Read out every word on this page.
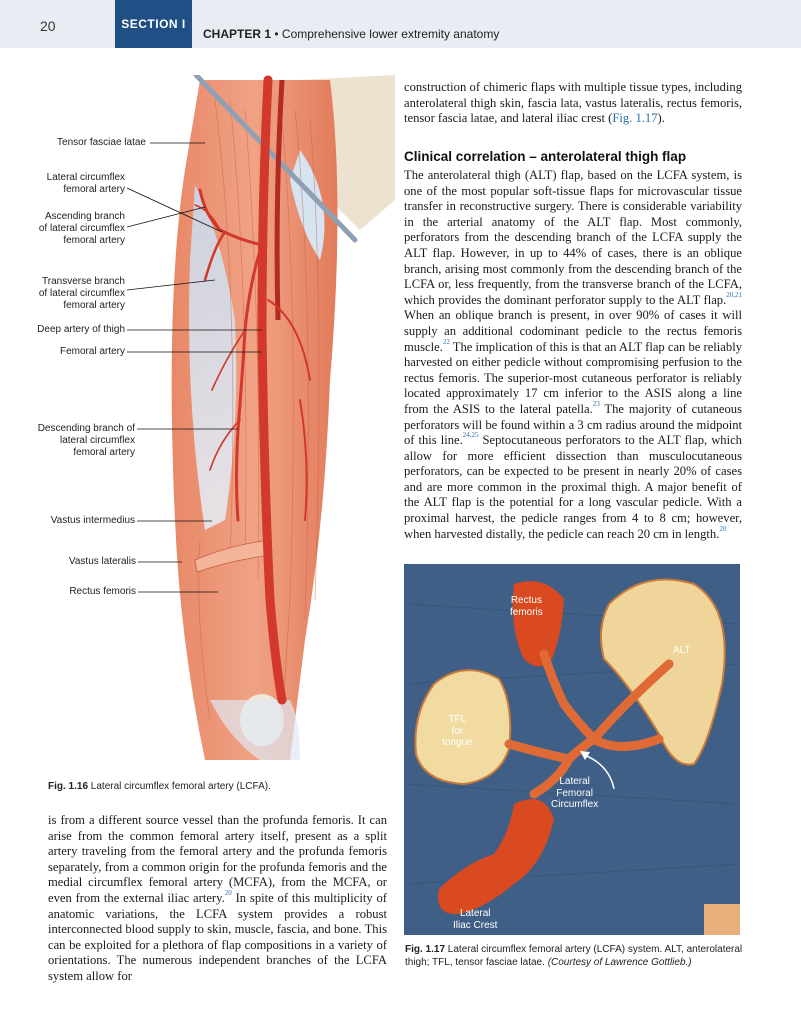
20	SECTION I
CHAPTER 1 • Comprehensive lower extremity anatomy
Tensor fasciae latae
Lateral circumflex
femoral artery
Ascending branch
of lateral circumflex
femoral artery
Transverse branch
of lateral circumflex
femoral artery
Deep artery of thigh
Femoral artery
Descending branch of
lateral circumflex
femoral artery
Vastus intermedius
Vastus lateralis
Rectus femoris
Fig. 1.16 Lateral circumflex femoral artery (LCFA).
construction of chimeric flaps with multiple tissue types, including anterolateral thigh skin, fascia lata, vastus lateralis, rectus femoris, tensor fascia latae, and lateral iliac crest (Fig. 1.17).
Clinical correlation – anterolateral thigh flap
The anterolateral thigh (ALT) flap, based on the LCFA system, is one of the most popular soft-tissue flaps for microvascular tissue transfer in reconstructive surgery. There is considerable variability in the arterial anatomy of the ALT flap. Most commonly, perforators from the descending branch of the LCFA supply the ALT flap. However, in up to 44% of cases, there is an oblique branch, arising most commonly from the descending branch of the LCFA or, less frequently, from the transverse branch of the LCFA, which provides the dominant perforator supply to the ALT flap.$^{20,21}$ When an oblique branch is present, in over 90% of cases it will supply an additional codominant pedicle to the rectus femoris muscle.$^{22}$ The implication of this is that an ALT flap can be reliably harvested on either pedicle without compromising perfusion to the rectus femoris. The superior-most cutaneous perforator is reliably located approximately 17 cm inferior to the ASIS along a line from the ASIS to the lateral patella.$^{23}$ The majority of cutaneous perforators will be found within a 3 cm radius around the midpoint of this line.$^{24,25}$ Septocutaneous perforators to the ALT flap, which allow for more efficient dissection than musculocutaneous perforators, can be expected to be present in nearly 20% of cases and are more common in the proximal thigh. A major benefit of the ALT flap is the potential for a long vascular pedicle. With a proximal harvest, the pedicle ranges from 4 to 8 cm; however, when harvested distally, the pedicle can reach 20 cm in length.$^{20}$
Rectus
femoris
ALT
TFL
for
tongue
Lateral
Femoral
Circumflex
Lateral
Iliac Crest
Fig. 1.17 Lateral circumflex femoral artery (LCFA) system. ALT, anterolateral thigh; TFL, tensor fasciae latae. (Courtesy of Lawrence Gottlieb.)
is from a different source vessel than the profunda femoris. It can arise from the common femoral artery itself, present as a split artery traveling from the femoral artery and the profunda femoris separately, from a common origin for the profunda femoris and the medial circumflex femoral artery (MCFA), from the MCFA, or even from the external iliac artery.$^{20}$ In spite of this multiplicity of anatomic variations, the LCFA system provides a robust interconnected blood supply to skin, muscle, fascia, and bone. This can be exploited for a plethora of flap compositions in a variety of orientations. The numerous independent branches of the LCFA system allow for
